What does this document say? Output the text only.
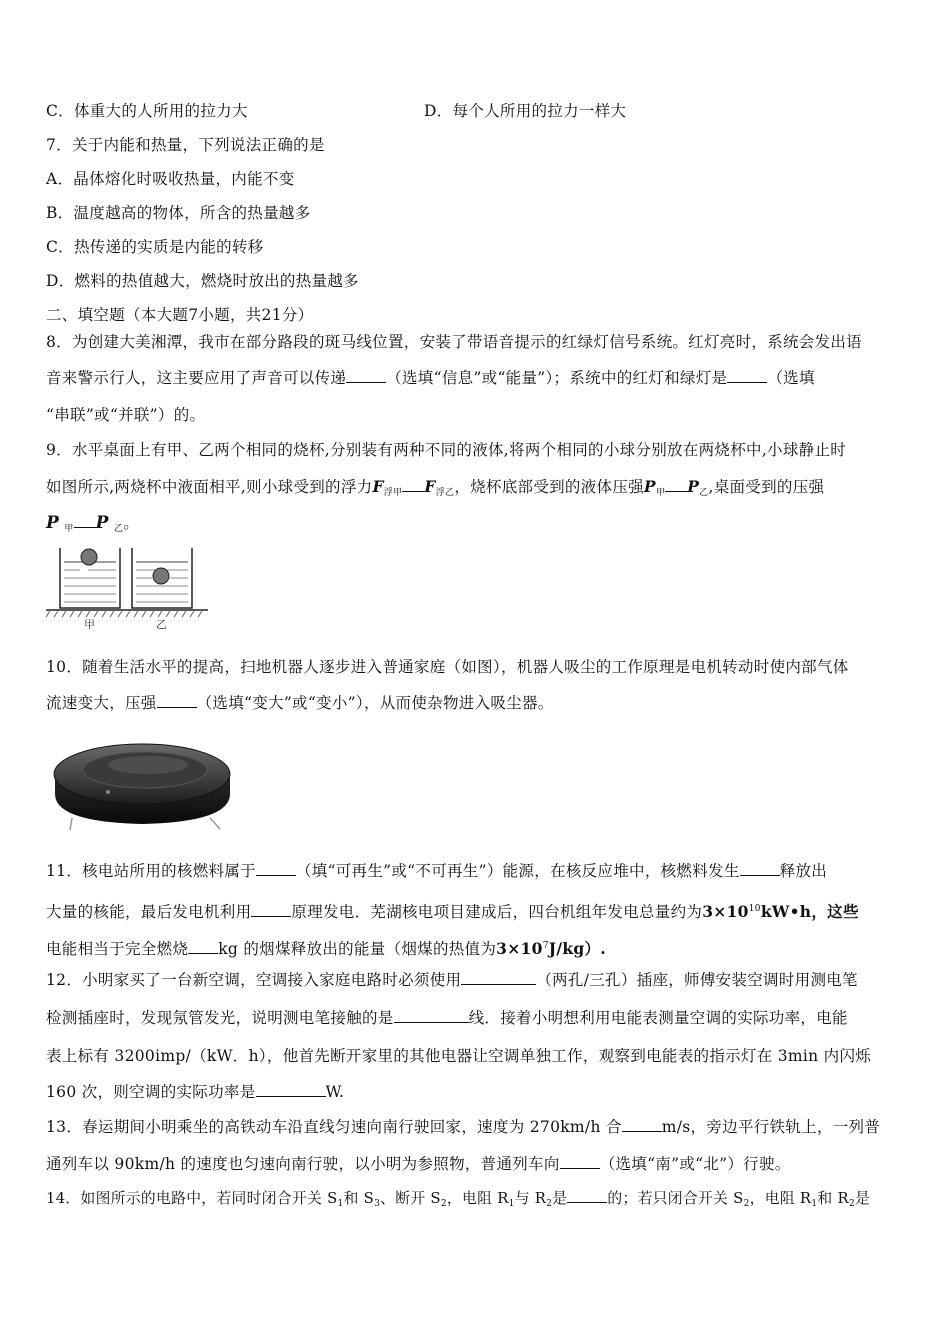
C．体重大的人所用的拉力大	D．每个人所用的拉力一样大
7．关于内能和热量，下列说法正确的是
A．晶体熔化时吸收热量，内能不变
B．温度越高的物体，所含的热量越多
C．热传递的实质是内能的转移
D．燃料的热值越大，燃烧时放出的热量越多
二、填空题（本大题7小题，共21分）
8．为创建大美湘潭，我市在部分路段的斑马线位置，安装了带语音提示的红绿灯信号系统。红灯亮时，系统会发出语
音来警示行人，这主要应用了声音可以传递	（选填“信息”或“能量”）；系统中的红灯和绿灯是	（选填
“串联”或“并联”）的。
9．水平桌面上有甲、乙两个相同的烧杯,分别装有两种不同的液体,将两个相同的小球分别放在两烧杯中,小球静止时
如图所示,两烧杯中液面相平,则小球受到的浮力$F_{浮甲}$ $F_{浮乙}$，烧杯底部受到的液体压强$P_甲$ $P_乙$,桌面受到的压强
P $_甲$ P $_乙$。
甲	乙
10．随着生活水平的提高，扫地机器人逐步进入普通家庭（如图），机器人吸尘的工作原理是电机转动时使内部气体
流速变大，压强	（选填“变大”或“变小”），从而使杂物进入吸尘器。
11．核电站所用的核燃料属于	（填“可再生”或“不可再生”）能源，在核反应堆中，核燃料发生	释放出
大量的核能，最后发电机利用	原理发电．芜湖核电项目建成后，四台机组年发电总量约为$3\times 10^{10}kW•h$，这些
电能相当于完全燃烧 kg 的烟煤释放出的能量（烟煤的热值为$3\times 10^7J/kg$）.
12．小明家买了一台新空调，空调接入家庭电路时必须使用	（两孔/三孔）插座，师傅安装空调时用测电笔
检测插座时，发现氖管发光，说明测电笔接触的是	线．接着小明想利用电能表测量空调的实际功率，电能
表上标有 3200imp/（kW．h），他首先断开家里的其他电器让空调单独工作，观察到电能表的指示灯在 3min 内闪烁
160 次，则空调的实际功率是	W.
13．春运期间小明乘坐的高铁动车沿直线匀速向南行驶回家，速度为 270km/h 合	m/s，旁边平行铁轨上，一列普
通列车以 90km/h 的速度也匀速向南行驶，以小明为参照物，普通列车向	（选填“南”或“北”）行驶。
14．如图所示的电路中，若同时闭合开关 $S_1$和 $S_3$、断开 $S_2$，电阻 $R_1$与 $R_2$是	的；若只闭合开关 $S_2$，电阻 $R_1$和 $R_2$是
